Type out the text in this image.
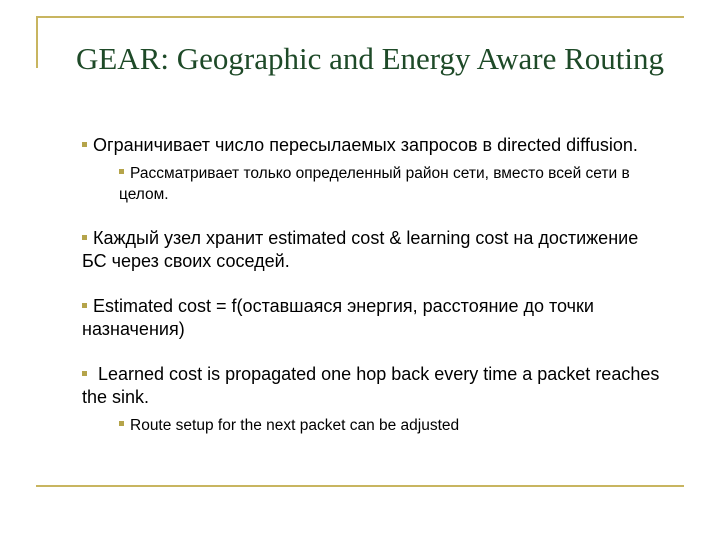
GEAR: Geographic and Energy Aware Routing
Ограничивает число пересылаемых запросов в directed diffusion.
Рассматривает только определенный район сети, вместо всей сети в целом.
Каждый узел хранит estimated cost & learning cost на достижение БС через своих соседей.
Estimated cost = f(оставшаяся энергия, расстояние до точки назначения)
Learned cost is propagated one hop back every time a packet reaches the sink.
Route setup for the next packet can be adjusted
